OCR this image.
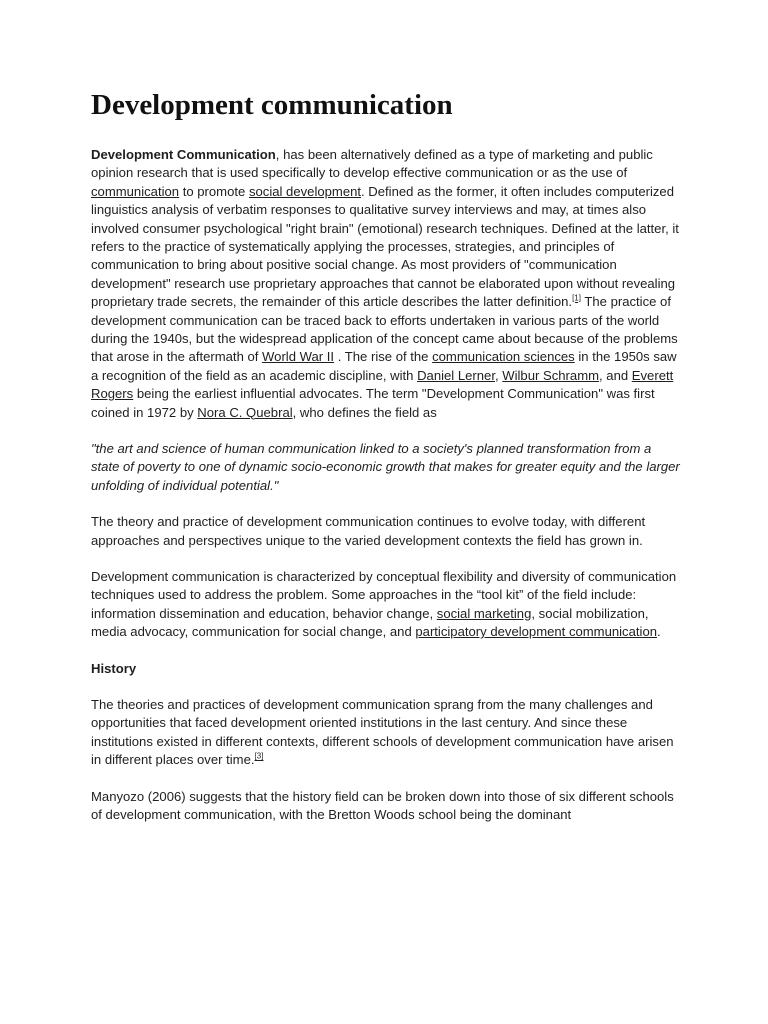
Development communication

Development Communication, has been alternatively defined as a type of marketing and public opinion research that is used specifically to develop effective communication or as the use of communication to promote social development. Defined as the former, it often includes computerized linguistics analysis of verbatim responses to qualitative survey interviews and may, at times also involved consumer psychological "right brain" (emotional) research techniques. Defined at the latter, it refers to the practice of systematically applying the processes, strategies, and principles of communication to bring about positive social change. As most providers of "communication development" research use proprietary approaches that cannot be elaborated upon without revealing proprietary trade secrets, the remainder of this article describes the latter definition.[1] The practice of development communication can be traced back to efforts undertaken in various parts of the world during the 1940s, but the widespread application of the concept came about because of the problems that arose in the aftermath of World War II . The rise of the communication sciences in the 1950s saw a recognition of the field as an academic discipline, with Daniel Lerner, Wilbur Schramm, and Everett Rogers being the earliest influential advocates. The term "Development Communication" was first coined in 1972 by Nora C. Quebral, who defines the field as

"the art and science of human communication linked to a society's planned transformation from a state of poverty to one of dynamic socio-economic growth that makes for greater equity and the larger unfolding of individual potential."

The theory and practice of development communication continues to evolve today, with different approaches and perspectives unique to the varied development contexts the field has grown in.

Development communication is characterized by conceptual flexibility and diversity of communication techniques used to address the problem. Some approaches in the “tool kit” of the field include: information dissemination and education, behavior change, social marketing, social mobilization, media advocacy, communication for social change, and participatory development communication.

History

The theories and practices of development communication sprang from the many challenges and opportunities that faced development oriented institutions in the last century. And since these institutions existed in different contexts, different schools of development communication have arisen in different places over time.[3]

Manyozo (2006) suggests that the history field can be broken down into those of six different schools of development communication, with the Bretton Woods school being the dominant
